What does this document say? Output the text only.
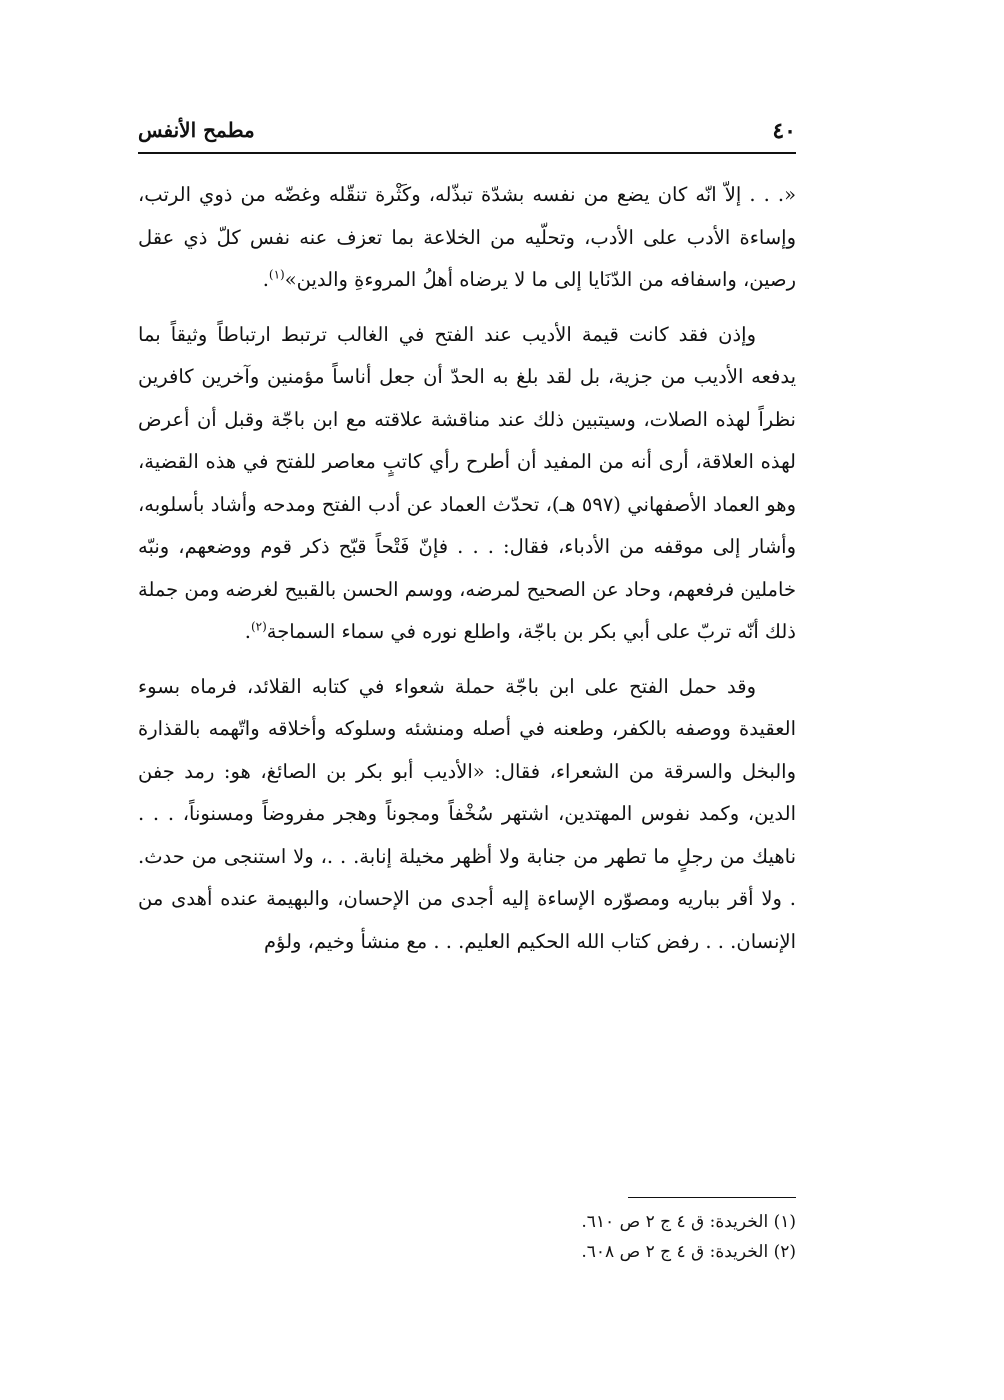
٤٠
مطمح الأنفس

«. . . إلاّ انّه كان يضع من نفسه بشدّة تبذّله، وكَثْرة تنقّله وغضّه من ذوي الرتب، وإساءة الأدب على الأدب، وتحلّيه من الخلاعة بما تعزف عنه نفس كلّ ذي عقل رصين، واسفافه من الدّنَايا إلى ما لا يرضاه أهلُ المروءةِ والدين»$^{(١)}$.

وإذن فقد كانت قيمة الأديب عند الفتح في الغالب ترتبط ارتباطاً وثيقاً بما يدفعه الأديب من جزية، بل لقد بلغ به الحدّ أن جعل أناساً مؤمنين وآخرين كافرين نظراً لهذه الصلات، وسيتبين ذلك عند مناقشة علاقته مع ابن باجّة وقبل أن أعرض لهذه العلاقة، أرى أنه من المفيد أن أطرح رأي كاتبٍ معاصر للفتح في هذه القضية، وهو العماد الأصفهاني (٥٩٧ هـ)، تحدّث العماد عن أدب الفتح ومدحه وأشاد بأسلوبه، وأشار إلى موقفه من الأدباء، فقال: . . . فإنّ فَتْحاً قبّح ذكر قوم ووضعهم، ونبّه خاملين فرفعهم، وحاد عن الصحيح لمرضه، ووسم الحسن بالقبيح لغرضه ومن جملة ذلك أنّه تربّ على أبي بكر بن باجّة، واطلع نوره في سماء السماجة$^{(٢)}$.

وقد حمل الفتح على ابن باجّة حملة شعواء في كتابه القلائد، فرماه بسوء العقيدة ووصفه بالكفر، وطعنه في أصله ومنشئه وسلوكه وأخلاقه واتّهمه بالقذارة والبخل والسرقة من الشعراء، فقال: «الأديب أبو بكر بن الصائغ، هو: رمد جفن الدين، وكمد نفوس المهتدين، اشتهر سُخْفاً ومجوناً وهجر مفروضاً ومسنوناً، . . . ناهيك من رجلٍ ما تطهر من جنابة ولا أظهر مخيلة إنابة. . .، ولا استنجى من حدث. . ولا أقر بباريه ومصوّره الإساءة إليه أجدى من الإحسان، والبهيمة عنده أهدى من الإنسان. . . رفض كتاب الله الحكيم العليم. . . مع منشأ وخيم، ولؤم

(١) الخريدة: ق ٤ ج ٢ ص ٦١٠.
(٢) الخريدة: ق ٤ ج ٢ ص ٦٠٨.
